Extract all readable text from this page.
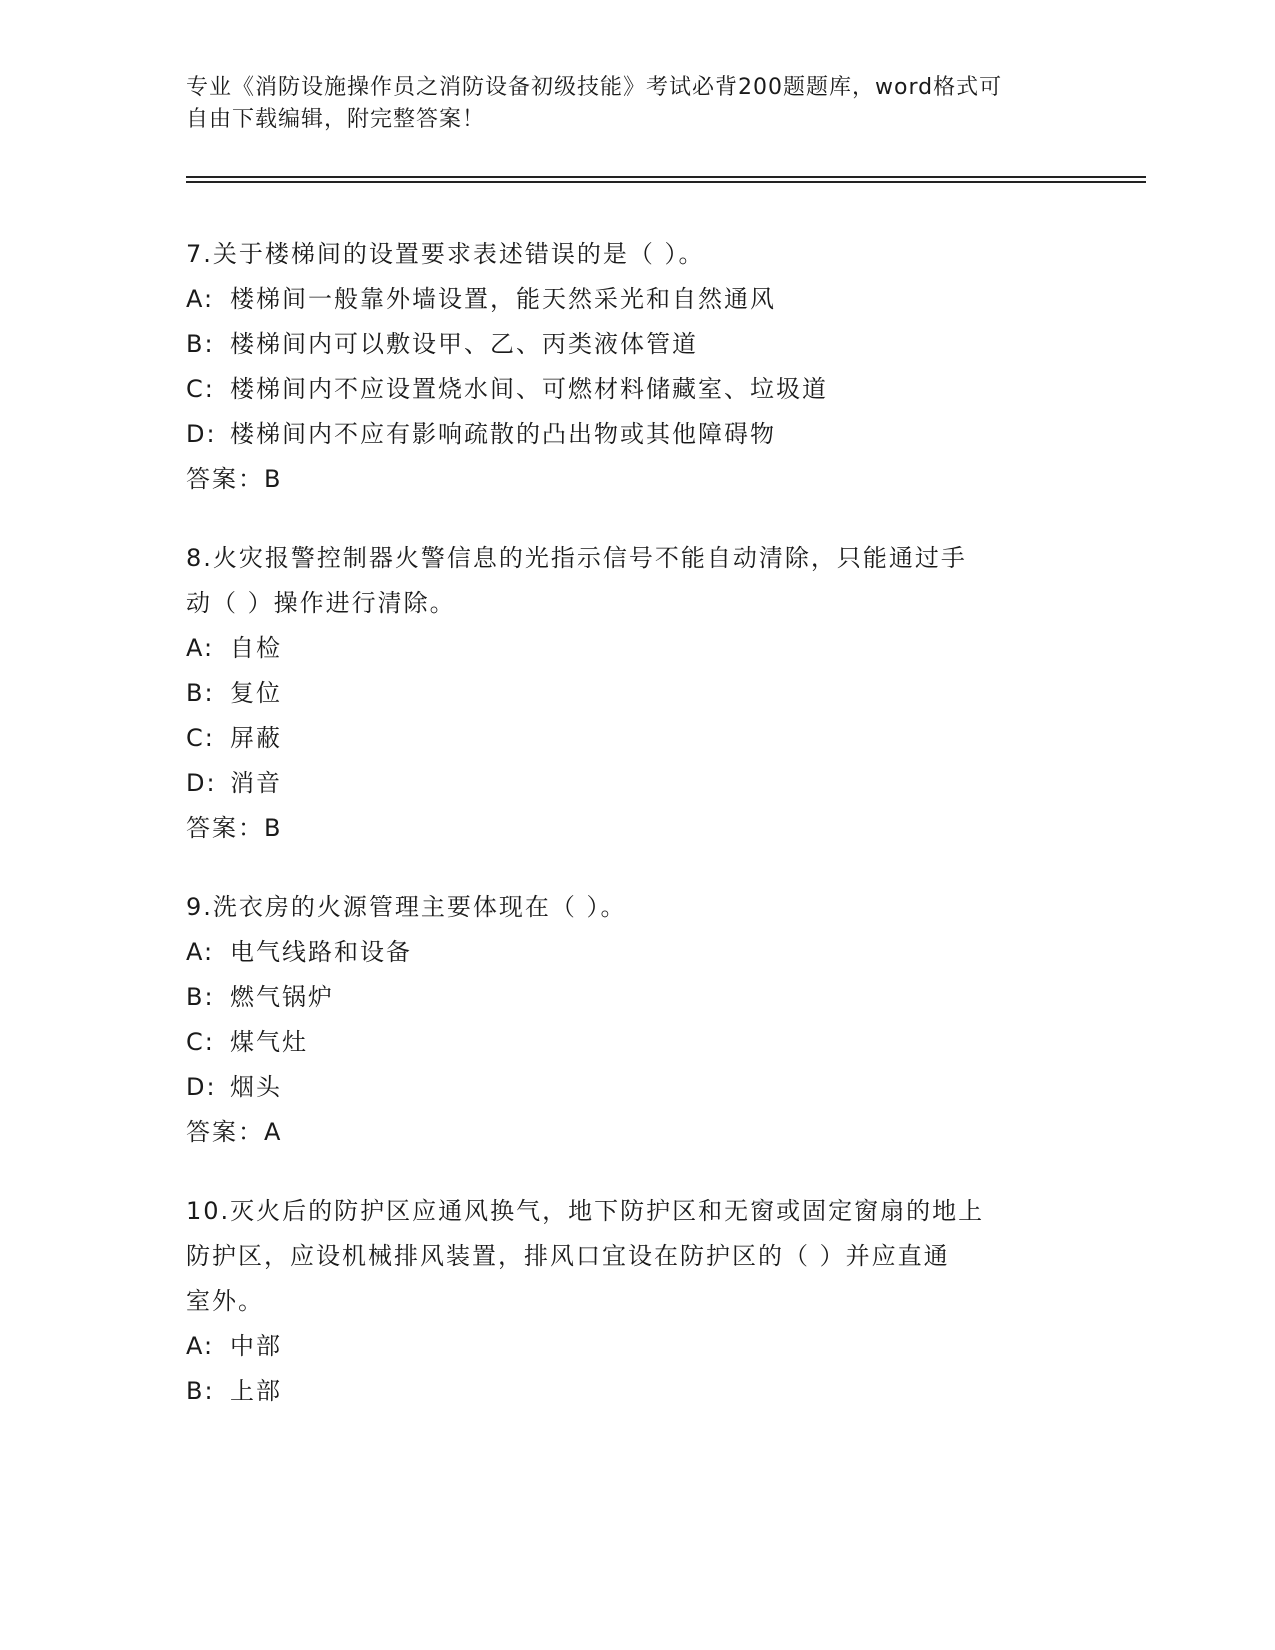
专业《消防设施操作员之消防设备初级技能》考试必背200题题库，word格式可
自由下载编辑，附完整答案！
7.关于楼梯间的设置要求表述错误的是（ ）。
A: 楼梯间一般靠外墙设置，能天然采光和自然通风
B: 楼梯间内可以敷设甲、乙、丙类液体管道
C: 楼梯间内不应设置烧水间、可燃材料储藏室、垃圾道
D: 楼梯间内不应有影响疏散的凸出物或其他障碍物
答案：B
8.火灾报警控制器火警信息的光指示信号不能自动清除，只能通过手
动（ ）操作进行清除。
A: 自检
B: 复位
C: 屏蔽
D: 消音
答案：B
9.洗衣房的火源管理主要体现在（ ）。
A: 电气线路和设备
B: 燃气锅炉
C: 煤气灶
D: 烟头
答案：A
10.灭火后的防护区应通风换气，地下防护区和无窗或固定窗扇的地上
防护区，应设机械排风装置，排风口宜设在防护区的（ ）并应直通
室外。
A: 中部
B: 上部
